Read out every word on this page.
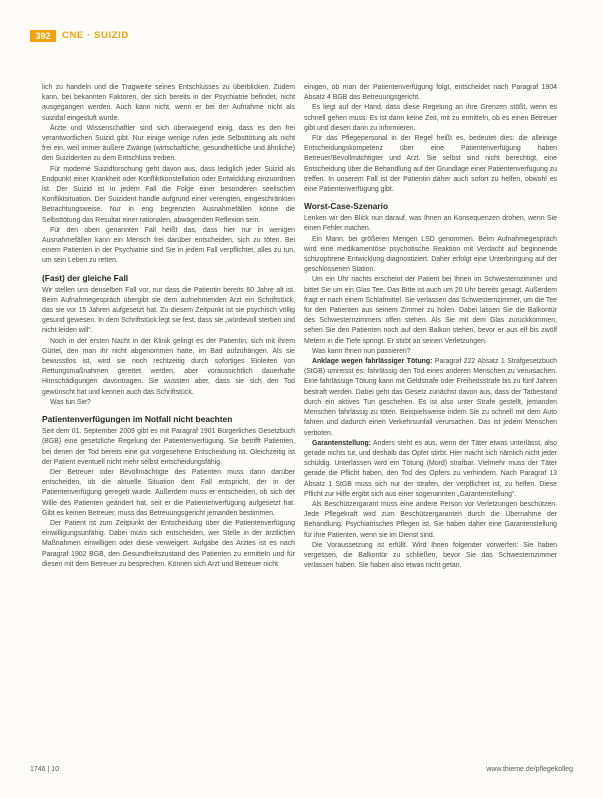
392	CNE · SUIZID

lich zu handeln und die Tragweite seines Entschlusses zu überblicken. Zudem kann, bei bekannten Faktoren, der sich bereits in der Psychiatrie befindet, nicht ausgegangen werden. Auch kann nicht, wenn er bei der Aufnahme nicht als suizidal eingestuft wurde.

Ärzte und Wissenschaftler sind sich überwiegend einig, dass es den frei verantwortlichen Suizid gibt. Nur einige wenige rufen jede Selbsttötung als nicht frei ein, weil immer äußere Zwänge (wirtschaftliche, gesundheitliche und ähnliche) den Suizidenten zu dem Entschluss treiben.

Für moderne Suizidforschung geht davon aus, dass lediglich jeder Suizid als Endpunkt einer Krankheit oder Konfliktkonstellation oder Entwicklung einzuordnen ist. Der Suizid ist in jedem Fall die Folge einer besonderen seelischen Konfliktsituation. Der Suizident handle aufgrund einer verengten, eingeschränkten Betrachtungsweise. Nur in eng begrenzten Ausnahmefällen könne die Selbsttötung das Resultat einer rationalen, abwägenden Reflexion sein.

Für den oben genannten Fall heißt das, dass hier nur in wenigen Ausnahmefällen kann ein Mensch frei darüber entscheiden, sich zu töten. Bei einem Patienten in der Psychiatrie sind Sie in jedem Fall verpflichtet, alles zu tun, um sein Leben zu retten.

(Fast) der gleiche Fall

Wir stellen uns denselben Fall vor, nur dass die Patientin bereits 60 Jahre alt ist. Beim Aufnahmegespräch übergibt sie dem aufnehmenden Arzt ein Schriftstück, das sie vor 15 Jahren aufgesetzt hat. Zu diesem Zeitpunkt ist sie psychisch völlig gesund gewesen. In dem Schriftstück legt sie fest, dass sie „würdevoll sterben und nicht leiden will“.

Noch in der ersten Nacht in der Klinik gelingt es der Patientin, sich mit ihrem Gürtel, den man ihr nicht abgenommen hatte, im Bad aufzuhängen. Als sie bewusstlos ist, wird sie noch rechtzeitig durch sofortiges Einleiten von Rettungsmaßnahmen gerettet werden, aber voraussichtlich dauerhafte Hirnschädigungen davontragen. Sie wussten aber, dass sie sich den Tod gewünscht hat und kennen auch das Schriftstück.

Was tun Sie?

Patientenverfügungen im Notfall nicht beachten

Seit dem 01. September 2009 gibt es mit Paragraf 1901 Bürgerliches Gesetzbuch (BGB) eine gesetzliche Regelung der Patientenverfügung. Sie betrifft Patienten, bei denen der Tod bereits eine gut vorgesehene Entscheidung ist. Gleichzeitig ist der Patient eventuell nicht mehr selbst entscheidungsfähig.

Der Betreuer oder Bevollmächtigte des Patienten muss dann darüber entscheiden, ob die aktuelle Situation dem Fall entspricht, der in der Patientenverfügung geregelt wurde. Außerdem muss er entscheiden, ob sich der Wille des Patienten geändert hat, seit er die Patientenverfügung aufgesetzt hat. Gibt es keinen Betreuer, muss das Betreuungsgericht jemanden bestimmen.

Der Patient ist zum Zeitpunkt der Entscheidung über die Patientenverfügung einwilligungsunfähig. Dabei muss sich entscheiden, wer Stelle in der ärztlichen Maßnahmen einwilligen oder diese verweigert. Aufgabe des Arztes ist es nach Paragraf 1902 BGB, den Gesundheitszustand des Patienten zu ermitteln und für diesen mit dem Betreuer zu besprechen. Können sich Arzt und Betreuer nicht

einigen, ob man der Patientenverfügung folgt, entscheidet nach Paragraf 1904 Absatz 4 BGB das Betreuungsgericht.

Es liegt auf der Hand, dass diese Regelung an ihre Grenzen stößt, wenn es schnell gehen muss. Es ist dann keine Zeit, mit zu ermitteln, ob es einen Betreuer gibt und diesen dann zu informieren.

Für das Pflegepersonal in der Regel heißt es, bedeutet dies: die alleinige Entscheidungskompetenz über eine Patientenverfügung haben Betreuer/Bevollmächtigter und Arzt. Sie selbst sind nicht berechtigt, eine Entscheidung über die Behandlung auf der Grundlage einer Patientenverfügung zu treffen. In unserem Fall ist der Patientin daher auch sofort zu helfen, obwohl es eine Patientenverfügung gibt.

Worst-Case-Szenario

Lenken wir den Blick nun darauf, was Ihnen an Konsequenzen drohen, wenn Sie einen Fehler machen.

Ein Mann, bei größeren Mengen LSD genommen. Beim Aufnahmegespräch wird eine medikamentöse psychotische Reaktion mit Verdacht auf beginnende schizophrene Entwicklung diagnostiziert. Daher erfolgt eine Unterbringung auf der geschlossenen Station.

Um ein Uhr nachts erscheint der Patient bei Ihnen im Schwesternzimmer und bittet Sie um ein Glas Tee. Das Bitte ist auch um 20 Uhr bereits gesagt. Außerdem fragt er nach einem Schlafmittel. Sie verlassen das Schwesternzimmer, um die Tee für den Patienten aus seinem Zimmer zu holen. Dabei lassen Sie die Balkontür des Schwesternzimmers offen stehen. Als Sie mit dem Glas zurückkommen, sehen Sie den Patienten noch auf dem Balkon stehen, bevor er aus elf bis zwölf Metern in die Tiefe springt. Er stirbt an seinen Verletzungen.

Was kann Ihnen nun passieren?

Anklage wegen fahrlässiger Tötung: Paragraf 222 Absatz 1 Strafgesetzbuch (StGB) umreisst es: fahrlässig den Tod eines anderen Menschen zu verursachen. Eine fahrlässige Tötung kann mit Geldstrafe oder Freiheitsstrafe bis zu fünf Jahren bestraft werden. Dabei geht das Gesetz zunächst davon aus, dass der Tatbestand durch ein aktives Tun geschehen. Es ist also unter Strafe gestellt, jemanden Menschen fahrlässig zu töten. Beispielsweise indem Sie zu schnell mit dem Auto fahren und dadurch einen Verkehrsunfall verursachen. Das ist jedem Menschen verboten.

Garantenstellung: Anders steht es aus, wenn der Täter etwas unterlässt, also gerade nichts tut, und deshalb das Opfer stirbt. Hier macht sich nämlich nicht jeder schuldig. Unterlassen wird ein Tötung (Mord) strafbar. Vielmehr muss der Täter gerade die Pflicht haben, den Tod des Opfers zu verhindern. Nach Paragraf 13 Absatz 1 StGB muss sich nur der strafen, der verpflichtet ist, zu helfen. Diese Pflicht zur Hilfe ergibt sich aus einer sogenannten „Garantenstellung“.

Als Beschützergarant muss eine andere Person vor Verletzungen beschützen. Jede Pflegekraft wird zum Beschützergaranten durch die Übernahme der Behandlung. Psychiatrisches Pflegen ist, Sie haben daher eine Garantenstellung für ihre Patienten, wenn sie im Dienst sind.

Die Voraussetzung ist erfüllt. Wird Ihnen folgender vorwerfen: Sie haben vergessen, die Balkontür zu schließen, bevor Sie das Schwesternzimmer verlassen haben. Sie haben also etwas nicht getan.

1746 | 10	www.thieme.de/pflegekolleg
